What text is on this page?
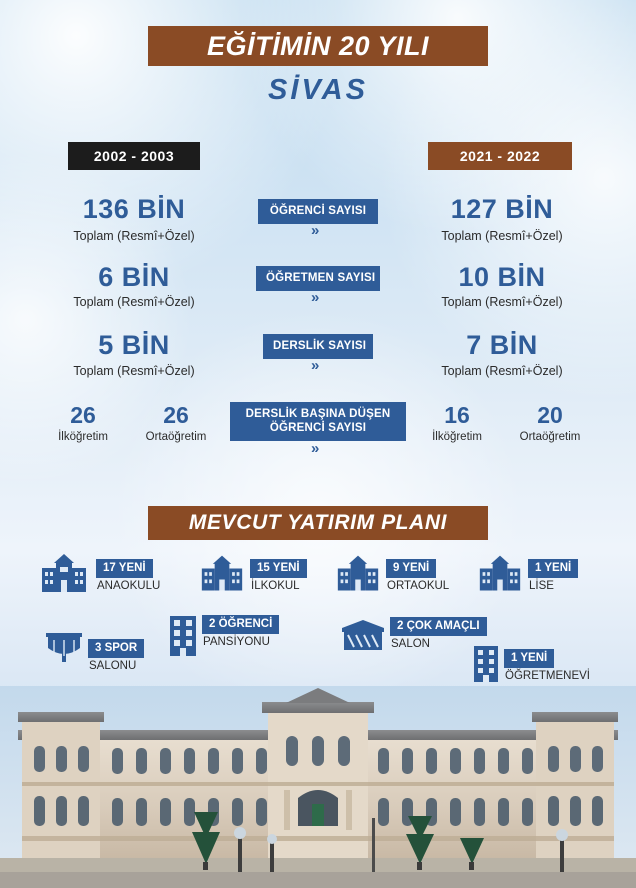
EĞİTİMİN 20 YILI
SİVAS
2002 - 2003	2021 - 2022
ÖĞRENCİ SAYISI
»
136 BİN
Toplam (Resmî+Özel)
127 BİN
Toplam (Resmî+Özel)
ÖĞRETMEN SAYISI
»
6 BİN
Toplam (Resmî+Özel)
10 BİN
Toplam (Resmî+Özel)
DERSLİK SAYISI
»
5 BİN
Toplam (Resmî+Özel)
7 BİN
Toplam (Resmî+Özel)
DERSLİK BAŞINA DÜŞEN
ÖĞRENCİ SAYISI
»
26
İlköğretim
26
Ortaöğretim
16
İlköğretim
20
Ortaöğretim
MEVCUT YATIRIM PLANI
17 YENİ
ANAOKULU
15 YENİ
İLKOKUL
9 YENİ
ORTAOKUL
1 YENİ
LİSE
3 SPOR
SALONU
2 ÖĞRENCİ
PANSİYONU
2 ÇOK AMAÇLI
SALON
1 YENİ
ÖĞRETMENEVİ
